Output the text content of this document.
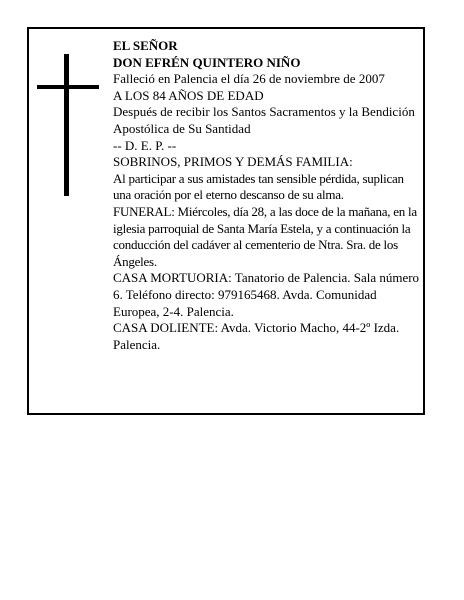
EL SEÑOR

DON EFRÉN QUINTERO NIÑO

Falleció en Palencia el día 26 de noviembre de 2007

A LOS 84 AÑOS DE EDAD

Después de recibir los Santos Sacramentos y la Bendición Apostólica de Su Santidad

-- D. E. P. --

SOBRINOS, PRIMOS Y DEMÁS FAMILIA:

Al participar a sus amistades tan sensible pérdida, suplican una oración por el eterno descanso de su alma.

FUNERAL: Miércoles, día 28, a las doce de la mañana, en la iglesia parroquial de Santa María Estela, y a continuación la conducción del cadáver al cementerio de Ntra. Sra. de los Ángeles.

CASA MORTUORIA: Tanatorio de Palencia. Sala número 6. Teléfono directo: 979165468. Avda. Comunidad Europea, 2-4. Palencia.

CASA DOLIENTE: Avda. Victorio Macho, 44-2º Izda. Palencia.
